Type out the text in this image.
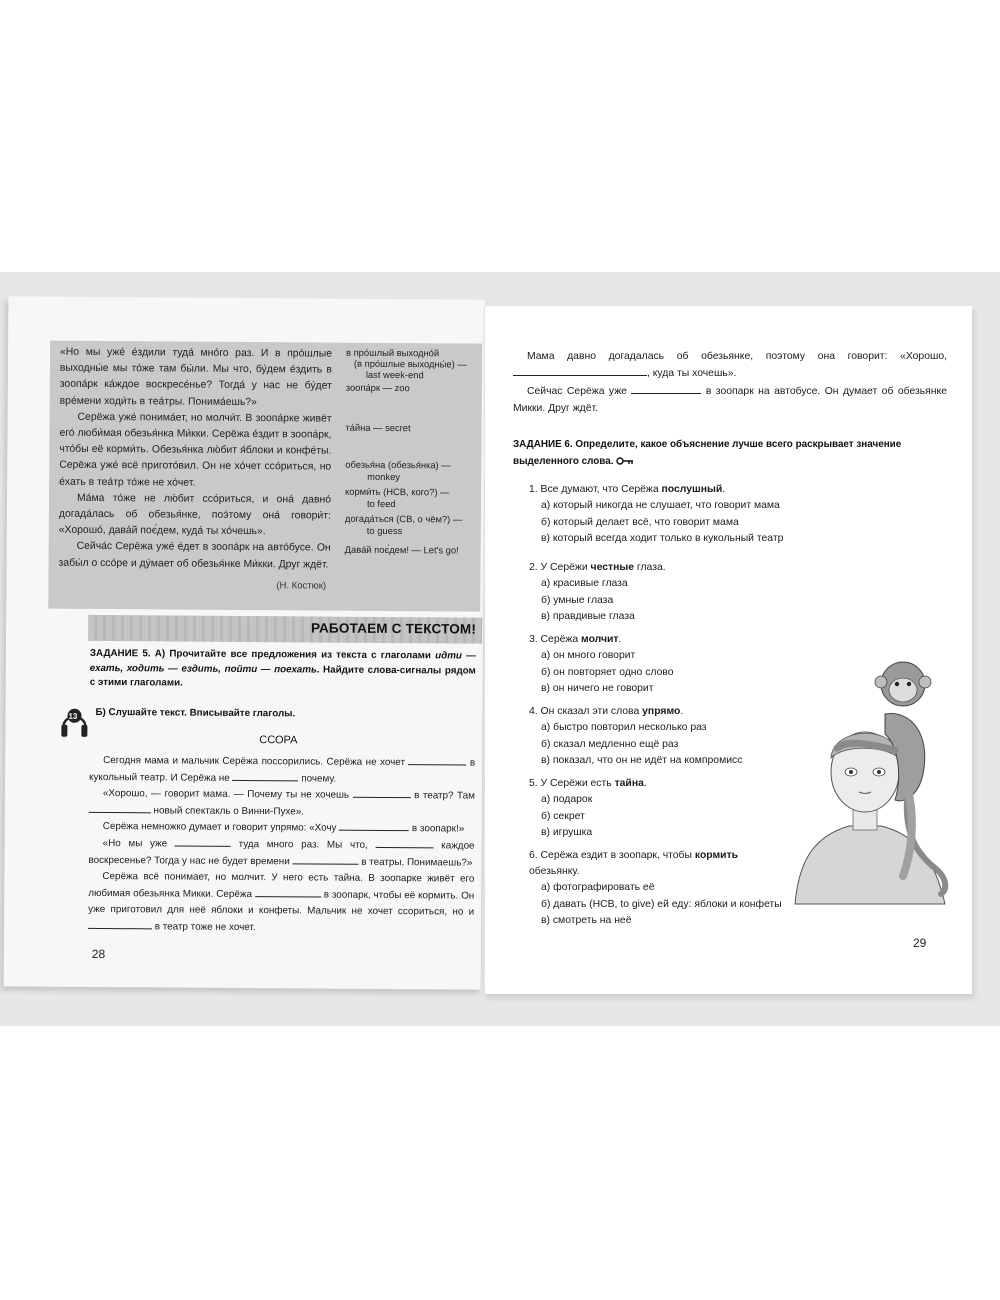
«Но мы уже́ е́здили туда́ мно́го раз. И в про́шлые выходны́е мы то́же там бы́ли. Мы что, бу́дем е́здить в зоопа́рк ка́ждое воскресе́нье? Тогда́ у нас не бу́дет вре́мени ходи́ть в теа́тры. Понима́ешь?»

Серёжа уже́ понима́ет, но молчи́т. В зоопа́рке живёт его́ люби́мая обезья́нка Ми́кки. Серёжа е́здит в зоопа́рк, что́бы её корми́ть. Обезья́нка лю́бит я́блоки и конфе́ты. Серёжа уже́ всё пригото́вил. Он не хо́чет ссо́риться, но е́хать в теа́тр то́же не хо́чет.

Ма́ма то́же не лю́бит ссо́риться, и она́ давно́ догада́лась об обезья́нке, поэ́тому она́ говори́т: «Хорошо́, дава́й поє́дем, куда́ ты хо́чешь».

Сейча́с Серёжа уже́ е́дет в зоопа́рк на авто́бусе. Он забы́л о ссо́ре и ду́мает об обезья́нке Ми́кки. Друг ждёт.

(Н. Костюк)
в про́шлый выходно́й
(в про́шлые выходны́е) —
last week-end
зоопа́рк — zoo
та́йна — secret
обезья́на (обезья́нка) —
monkey
корми́ть (НСВ, кого?) —
to feed
догада́ться (СВ, о чём?) —
to guess
Дава́й поє́дем! — Let's go!
РАБОТАЕМ С ТЕКСТОМ!
ЗАДАНИЕ 5. А) Прочитайте все предложения из текста с глаголами идти — ехать, ходить — ездить, пойти — поехать. Найдите слова-сигналы рядом с этими глаголами.
13 Б) Слушайте текст. Вписывайте глаголы.
ССОРА

Сегодня мама и мальчик Серёжа поссорились. Серёжа не хочет	в кукольный театр. И Серёжа не	почему.

«Хорошо, — говорит мама. — Почему ты не хочешь	в театр? Там  новый спектакль о Винни-Пухе».

Серёжа немножко думает и говорит упрямо: «Хочу	в зоопарк!»

«Но мы уже	туда много раз. Мы что,	каждое воскресенье? Тогда у нас не будет времени	в театры. Понимаешь?»

Серёжа всё понимает, но молчит. У него есть тайна. В зоопарке живёт его любимая обезьянка Микки. Серёжа	в зоопарк, чтобы её кормить. Он уже приготовил для неё яблоки и конфеты. Мальчик не хочет ссориться, но и  в театр тоже не хочет.

28

Мама давно догадалась об обезьянке, поэтому она говорит: «Хорошо, , куда ты хочешь».

Сейчас Серёжа уже	в зоопарк на автобусе. Он думает об обезьянке Микки. Друг ждёт.

ЗАДАНИЕ 6. Определите, какое объяснение лучше всего раскрывает значение выделенного слова.
1. Все думают, что Серёжа послушный.
а) который никогда не слушает, что говорит мама
б) который делает всё, что говорит мама
в) который всегда ходит только в кукольный театр
2. У Серёжи честные глаза.
а) красивые глаза
б) умные глаза
в) правдивые глаза
3. Серёжа молчит.
а) он много говорит
б) он повторяет одно слово
в) он ничего не говорит
4. Он сказал эти слова упрямо.
а) быстро повторил несколько раз
б) сказал медленно ещё раз
в) показал, что он не идёт на компромисс
5. У Серёжи есть тайна.
а) подарок
б) секрет
в) игрушка
6. Серёжа ездит в зоопарк, чтобы кормить обезьянку.
а) фотографировать её
б) давать (НСВ, to give) ей еду: яблоки и конфеты
в) смотреть на неё
29
